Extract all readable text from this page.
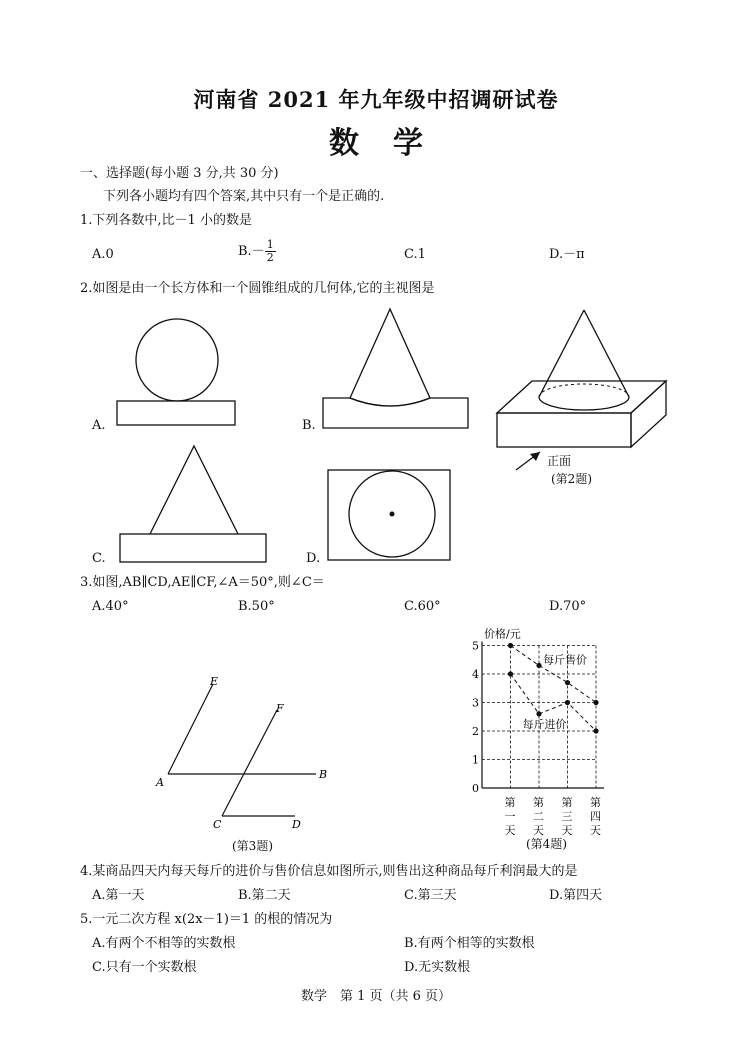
河南省 2021 年九年级中招调研试卷
数学
一、选择题(每小题 3 分,共 30 分)
下列各小题均有四个答案,其中只有一个是正确的.
1.下列各数中,比－1 小的数是
A.0	$B.- \frac{1}{2}$	C.1	D.－π
2.如图是由一个长方体和一个圆锥组成的几何体,它的主视图是
A.	B.
正面
(第2题)
C.	D.
3.如图,AB∥CD,AE∥CF,∠A＝50°,则∠C＝
A.40°	B.50°	C.60°	D.70°
E
F
A
B
C	D
(第3题)
价格/元
0
1
2
3
4
5
第
一
天
第
二
天
第
三
天
第
四
天
每斤售价
每斤进价
(第4题)
4.某商品四天内每天每斤的进价与售价信息如图所示,则售出这种商品每斤利润最大的是
A.第一天	B.第二天	C.第三天	D.第四天
5.一元二次方程 x(2x－1)＝1 的根的情况为
A.有两个不相等的实数根	B.有两个相等的实数根
C.只有一个实数根	D.无实数根
数学　第 1 页（共 6 页）
